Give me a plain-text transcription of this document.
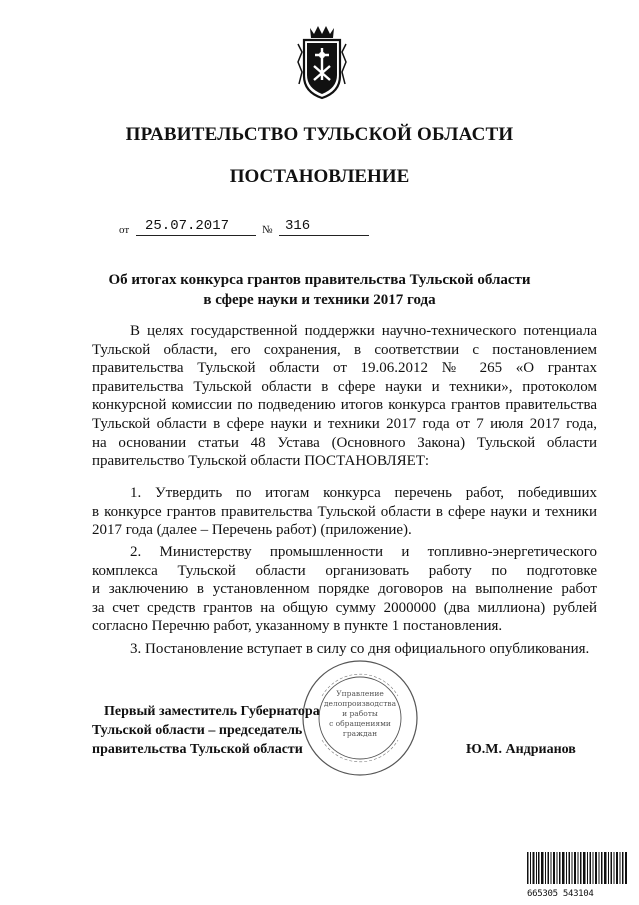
ПРАВИТЕЛЬСТВО ТУЛЬСКОЙ ОБЛАСТИ
ПОСТАНОВЛЕНИЕ
от 25.07.2017	№ 316
Об итогах конкурса грантов правительства Тульской области
в сфере науки и техники 2017 года
В целях государственной поддержки научно-технического потенциала
Тульской области, его сохранения, в соответствии с постановлением
правительства Тульской области от 19.06.2012 № 265 «О грантах
правительства Тульской области в сфере науки и техники», протоколом
конкурсной комиссии по подведению итогов конкурса грантов правительства
Тульской области в сфере науки и техники 2017 года от 7 июля 2017 года,
на основании статьи 48 Устава (Основного Закона) Тульской области
правительство Тульской области ПОСТАНОВЛЯЕТ:
1. Утвердить по итогам конкурса перечень работ, победивших
в конкурсе грантов правительства Тульской области в сфере науки и техники
2017 года (далее – Перечень работ) (приложение).
2. Министерству промышленности и топливно-энергетического
комплекса Тульской области организовать работу по подготовке
и заключению в установленном порядке договоров на выполнение работ
за счет средств грантов на общую сумму 2000000 (два миллиона) рублей
согласно Перечню работ, указанному в пункте 1 постановления.
3. Постановление вступает в силу со дня официального опубликования.
Управление
делопроизводства
и работы
с обращениями
граждан
Первый заместитель Губернатора
Тульской области – председатель
правительства Тульской области	Ю.М. Андрианов
665305 543104
